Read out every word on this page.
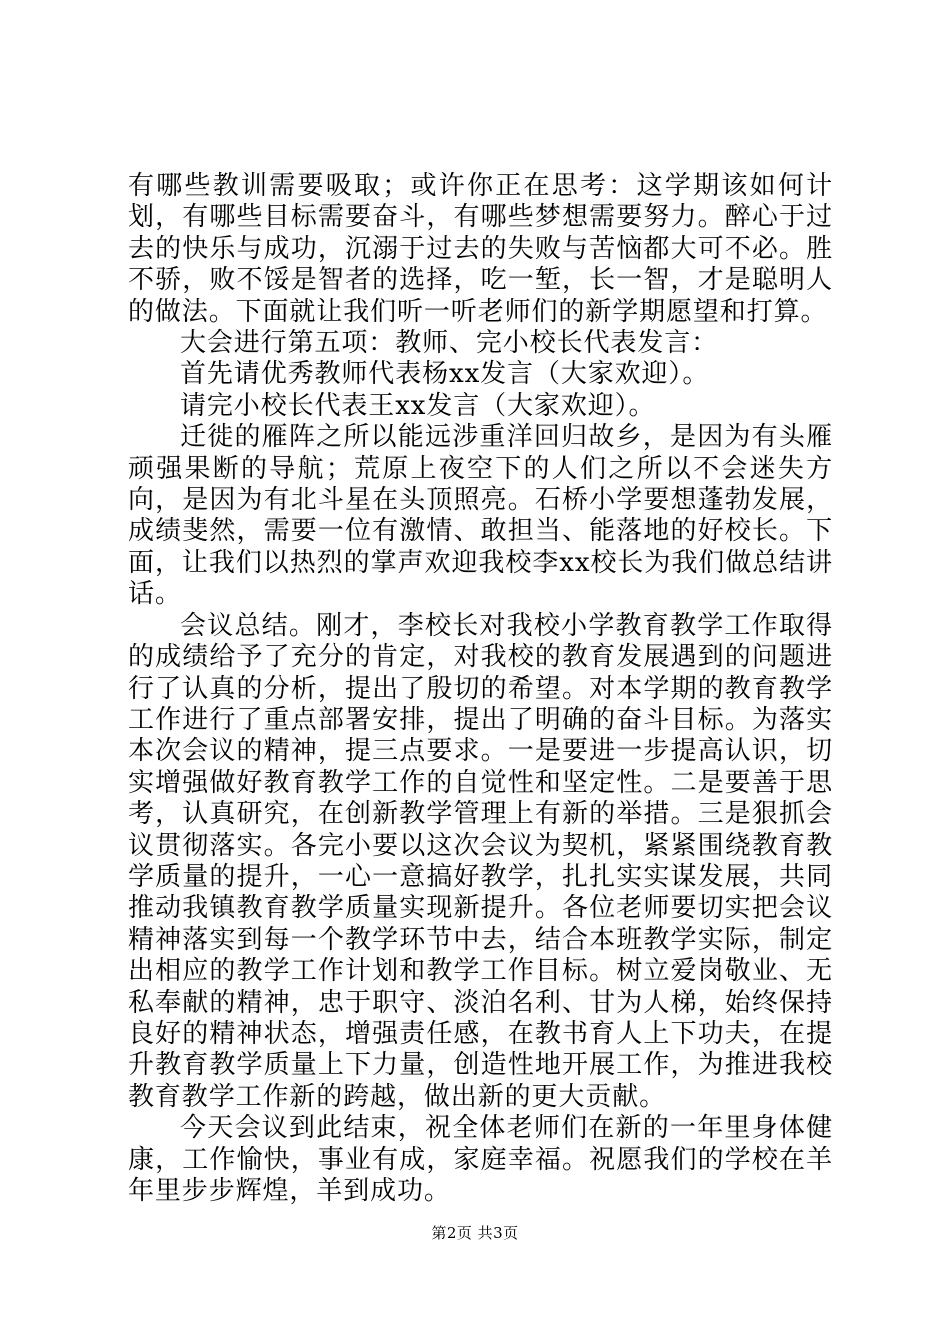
有哪些教训需要吸取；或许你正在思考：这学期该如何计划，有哪些目标需要奋斗，有哪些梦想需要努力。醉心于过去的快乐与成功，沉溺于过去的失败与苦恼都大可不必。胜不骄，败不馁是智者的选择，吃一堑，长一智，才是聪明人的做法。下面就让我们听一听老师们的新学期愿望和打算。

大会进行第五项：教师、完小校长代表发言：

首先请优秀教师代表杨xx发言（大家欢迎）。

请完小校长代表王xx发言（大家欢迎）。

迁徙的雁阵之所以能远涉重洋回归故乡，是因为有头雁顽强果断的导航；荒原上夜空下的人们之所以不会迷失方向，是因为有北斗星在头顶照亮。石桥小学要想蓬勃发展，成绩斐然，需要一位有激情、敢担当、能落地的好校长。下面，让我们以热烈的掌声欢迎我校李xx校长为我们做总结讲话。

会议总结。刚才，李校长对我校小学教育教学工作取得的成绩给予了充分的肯定，对我校的教育发展遇到的问题进行了认真的分析，提出了殷切的希望。对本学期的教育教学工作进行了重点部署安排，提出了明确的奋斗目标。为落实本次会议的精神，提三点要求。一是要进一步提高认识，切实增强做好教育教学工作的自觉性和坚定性。二是要善于思考，认真研究，在创新教学管理上有新的举措。三是狠抓会议贯彻落实。各完小要以这次会议为契机，紧紧围绕教育教学质量的提升，一心一意搞好教学，扎扎实实谋发展，共同推动我镇教育教学质量实现新提升。各位老师要切实把会议精神落实到每一个教学环节中去，结合本班教学实际，制定出相应的教学工作计划和教学工作目标。树立爱岗敬业、无私奉献的精神，忠于职守、淡泊名利、甘为人梯，始终保持良好的精神状态，增强责任感，在教书育人上下功夫，在提升教育教学质量上下力量，创造性地开展工作，为推进我校教育教学工作新的跨越，做出新的更大贡献。

今天会议到此结束，祝全体老师们在新的一年里身体健康，工作愉快，事业有成，家庭幸福。祝愿我们的学校在羊年里步步辉煌，羊到成功。

第2页 共3页
